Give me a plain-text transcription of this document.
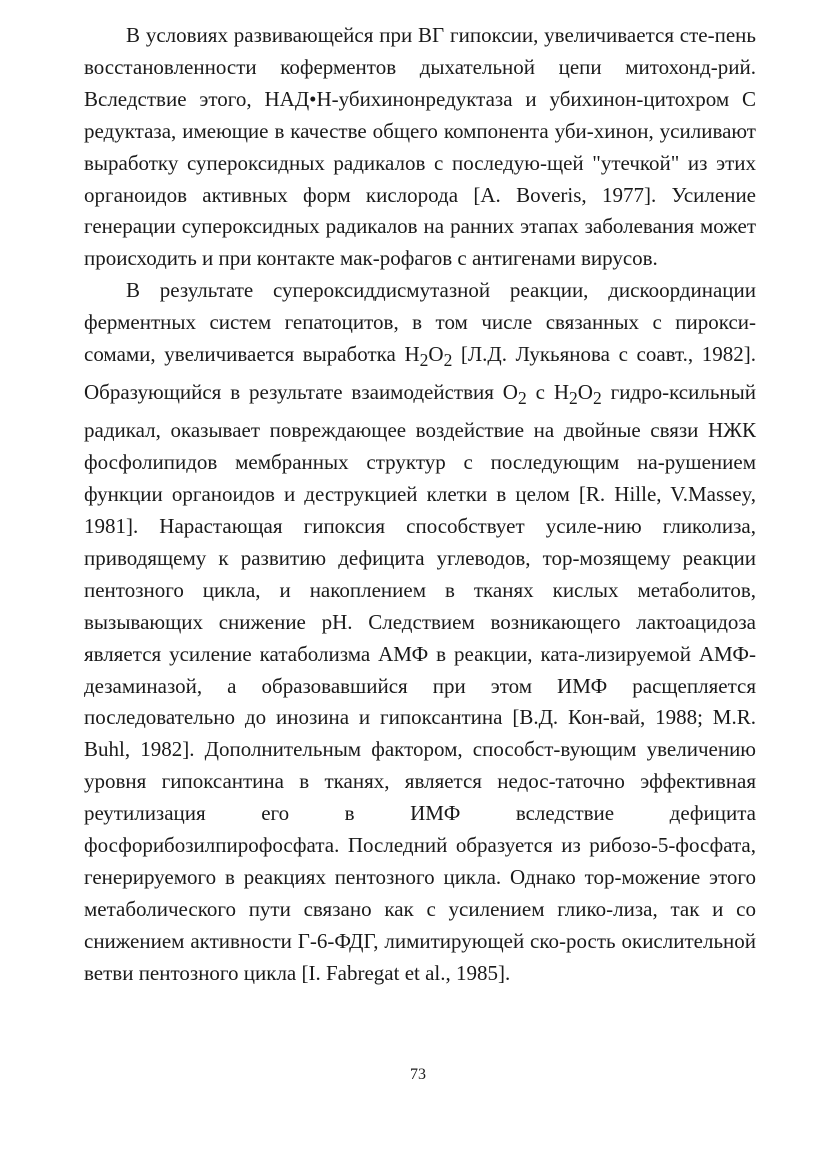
В условиях развивающейся при ВГ гипоксии, увеличивается сте-пень восстановленности коферментов дыхательной цепи митохонд-рий. Вследствие этого, НАД•Н-убихинонредуктаза и убихинон-цитохром С редуктаза, имеющие в качестве общего компонента уби-хинон, усиливают выработку супероксидных радикалов с последую-щей "утечкой" из этих органоидов активных форм кислорода [A. Boveris, 1977]. Усиление генерации супероксидных радикалов на ранних этапах заболевания может происходить и при контакте мак-рофагов с антигенами вирусов.

В результате супероксиддисмутазной реакции, дискоординации ферментных систем гепатоцитов, в том числе связанных с пирокси-сомами, увеличивается выработка $H_2O_2$ [Л.Д. Лукьянова с соавт., 1982]. Образующийся в результате взаимодействия $O_2$ с $H_2O_2$ гидро-ксильный радикал, оказывает повреждающее воздействие на двойные связи НЖК фосфолипидов мембранных структур с последующим на-рушением функции органоидов и деструкцией клетки в целом [R. Hille, V.Massey, 1981]. Нарастающая гипоксия способствует усиле-нию гликолиза, приводящему к развитию дефицита углеводов, тор-мозящему реакции пентозного цикла, и накоплением в тканях кислых метаболитов, вызывающих снижение pH. Следствием возникающего лактоацидоза является усиление катаболизма АМФ в реакции, ката-лизируемой АМФ-дезаминазой, а образовавшийся при этом ИМФ расщепляется последовательно до инозина и гипоксантина [В.Д. Кон-вай, 1988; M.R. Buhl, 1982]. Дополнительным фактором, способст-вующим увеличению уровня гипоксантина в тканях, является недос-таточно эффективная реутилизация его в ИМФ вследствие дефицита фосфорибозилпирофосфата. Последний образуется из рибозо-5-фосфата, генерируемого в реакциях пентозного цикла. Однако тор-можение этого метаболического пути связано как с усилением глико-лиза, так и со снижением активности Г-6-ФДГ, лимитирующей ско-рость окислительной ветви пентозного цикла [I. Fabregat et al., 1985].

73
